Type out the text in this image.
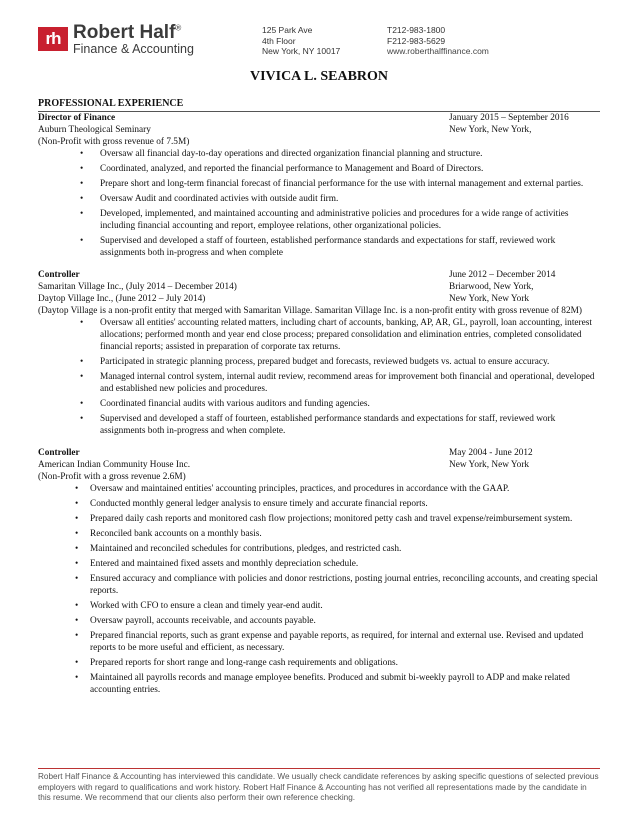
rh Robert Half®
Finance & Accounting
125 Park Ave
4th Floor
New York, NY 10017
T212-983-1800
F212-983-5629
www.roberthalffinance.com
VIVICA L. SEABRON
PROFESSIONAL EXPERIENCE
Director of Finance	January 2015 – September 2016
Auburn Theological Seminary	New York, New York,
(Non-Profit with gross revenue of 7.5M)
• Oversaw all financial day-to-day operations and directed organization financial planning and structure.
• Coordinated, analyzed, and reported the financial performance to Management and Board of Directors.
• Prepare short and long-term financial forecast of financial performance for the use with internal management and external parties.
• Oversaw Audit and coordinated activies with outside audit firm.
• Developed, implemented, and maintained accounting and administrative policies and procedures for a wide range of activities including financial accounting and report, employee relations, other organizational policies.
• Supervised and developed a staff of fourteen, established performance standards and expectations for staff, reviewed work assignments both in-progress and when complete
Controller	June 2012 – December 2014
Samaritan Village Inc., (July 2014 – December 2014)	Briarwood, New York,
Daytop Village Inc., (June 2012 – July 2014)	New York, New York
(Daytop Village is a non-profit entity that merged with Samaritan Village. Samaritan Village Inc. is a non-profit entity with gross revenue of 82M)
• Oversaw all entities' accounting related matters, including chart of accounts, banking, AP, AR, GL, payroll, loan accounting, interest allocations; performed month and year end close process; prepared consolidation and elimination entries, completed consolidated financial reports; assisted in preparation of corporate tax returns.
• Participated in strategic planning process, prepared budget and forecasts, reviewed budgets vs. actual to ensure accuracy.
• Managed internal control system, internal audit review, recommend areas for improvement both financial and operational, developed and established new policies and procedures.
• Coordinated financial audits with various auditors and funding agencies.
• Supervised and developed a staff of fourteen, established performance standards and expectations for staff, reviewed work assignments both in-progress and when complete.
Controller	May 2004 - June 2012
American Indian Community House Inc.	New York, New York
(Non-Profit with a gross revenue 2.6M)
• Oversaw and maintained entities' accounting principles, practices, and procedures in accordance with the GAAP.
• Conducted monthly general ledger analysis to ensure timely and accurate financial reports.
• Prepared daily cash reports and monitored cash flow projections; monitored petty cash and travel expense/reimbursement system.
• Reconciled bank accounts on a monthly basis.
• Maintained and reconciled schedules for contributions, pledges, and restricted cash.
• Entered and maintained fixed assets and monthly depreciation schedule.
• Ensured accuracy and compliance with policies and donor restrictions, posting journal entries, reconciling accounts, and creating special reports.
• Worked with CFO to ensure a clean and timely year-end audit.
• Oversaw payroll, accounts receivable, and accounts payable.
• Prepared financial reports, such as grant expense and payable reports, as required, for internal and external use. Revised and updated reports to be more useful and efficient, as necessary.
• Prepared reports for short range and long-range cash requirements and obligations.
• Maintained all payrolls records and manage employee benefits. Produced and submit bi-weekly payroll to ADP and make related accounting entries.
Robert Half Finance & Accounting has interviewed this candidate. We usually check candidate references by asking specific questions of selected previous employers with regard to qualifications and work history. Robert Half Finance & Accounting has not verified all representations made by the candidate in this resume. We recommend that our clients also perform their own reference checking.
